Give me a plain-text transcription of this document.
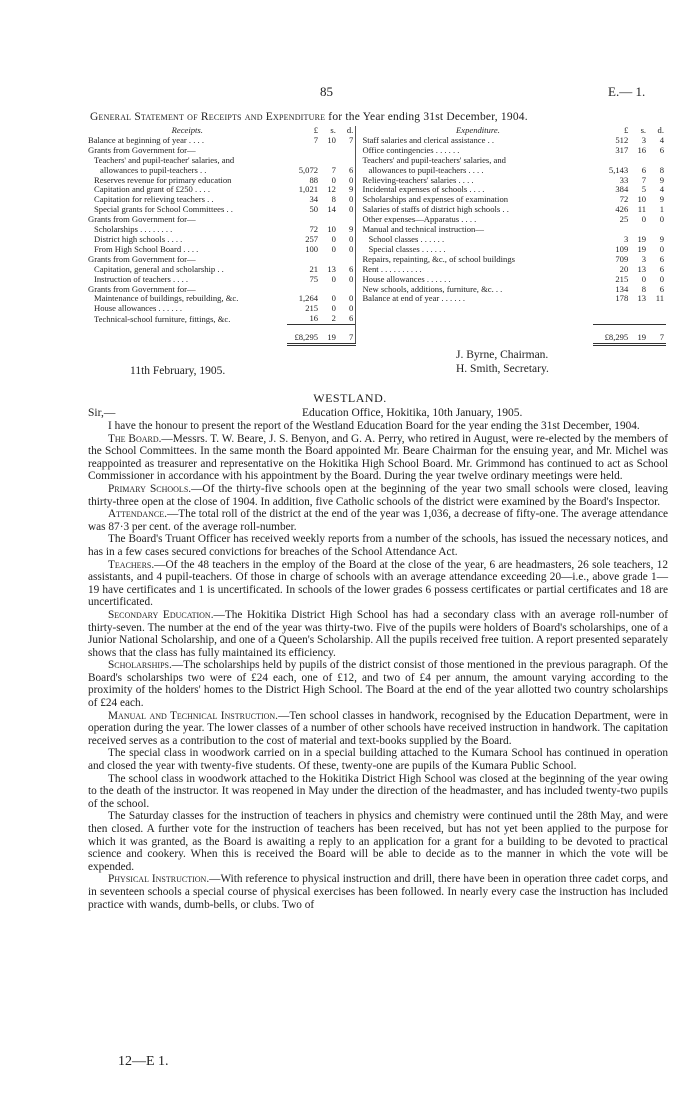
85	E.— 1.
General Statement of Receipts and Expenditure for the Year ending 31st December, 1904.
Receipts.	£	s.	d.		Expenditure.	£	s.	d.
Balance at beginning of year . . . .	7	10	7		Staff salaries and clerical assistance . .	512	3	4
Grants from Government for—					Office contingencies . . . . . .	317	16	6
Teachers' and pupil-teacher' salaries, and					Teachers' and pupil-teachers' salaries, and			
allowances to pupil-teachers . .	5,072	7	6		allowances to pupil-teachers . . . .	5,143	6	8
Reserves revenue for primary education	88	0	0		Relieving-teachers' salaries . . . .	33	7	9
Capitation and grant of £250 . . . .	1,021	12	9		Incidental expenses of schools . . . .	384	5	4
Capitation for relieving teachers . .	34	8	0		Scholarships and expenses of examination	72	10	9
Special grants for School Committees . .	50	14	0		Salaries of staffs of district high schools . .	426	11	1
Grants from Government for—					Other expenses—Apparatus . . . .	25	0	0
Scholarships . . . . . . . .	72	10	9		Manual and technical instruction—			
District high schools . . . .	257	0	0		School classes . . . . . .	3	19	9
From High School Board . . . .	100	0	0		Special classes . . . . . .	109	19	0
Grants from Government for—					Repairs, repainting, &c., of school buildings	709	3	6
Capitation, general and scholarship . .	21	13	6		Rent . . . . . . . . . .	20	13	6
Instruction of teachers . . . .	75	0	0		House allowances . . . . . .	215	0	0
Grants from Government for—					New schools, additions, furniture, &c. . .	134	8	6
Maintenance of buildings, rebuilding, &c.	1,264	0	0		Balance at end of year . . . . . .	178	13	11
House allowances . . . . . .	215	0	0					
Technical-school furniture, fittings, &c.	16	2	6					
	£8,295	19	7			£8,295	19	7
11th February, 1905.
J. Byrne, Chairman.
H. Smith, Secretary.
WESTLAND.
Sir,—	Education Office, Hokitika, 10th January, 1905.

I have the honour to present the report of the Westland Education Board for the year ending the 31st December, 1904.

The Board.—Messrs. T. W. Beare, J. S. Benyon, and G. A. Perry, who retired in August, were re-elected by the members of the School Committees. In the same month the Board appointed Mr. Beare Chairman for the ensuing year, and Mr. Michel was reappointed as treasurer and representative on the Hokitika High School Board. Mr. Grimmond has continued to act as School Commissioner in accordance with his appointment by the Board. During the year twelve ordinary meetings were held.

Primary Schools.—Of the thirty-five schools open at the beginning of the year two small schools were closed, leaving thirty-three open at the close of 1904. In addition, five Catholic schools of the district were examined by the Board's Inspector.

Attendance.—The total roll of the district at the end of the year was 1,036, a decrease of fifty-one. The average attendance was 87·3 per cent. of the average roll-number.

The Board's Truant Officer has received weekly reports from a number of the schools, has issued the necessary notices, and has in a few cases secured convictions for breaches of the School Attendance Act.

Teachers.—Of the 48 teachers in the employ of the Board at the close of the year, 6 are headmasters, 26 sole teachers, 12 assistants, and 4 pupil-teachers. Of those in charge of schools with an average attendance exceeding 20—i.e., above grade 1—19 have certificates and 1 is uncertificated. In schools of the lower grades 6 possess certificates or partial certificates and 18 are uncertificated.

Secondary Education.—The Hokitika District High School has had a secondary class with an average roll-number of thirty-seven. The number at the end of the year was thirty-two. Five of the pupils were holders of Board's scholarships, one of a Junior National Scholarship, and one of a Queen's Scholarship. All the pupils received free tuition. A report presented separately shows that the class has fully maintained its efficiency.

Scholarships.—The scholarships held by pupils of the district consist of those mentioned in the previous paragraph. Of the Board's scholarships two were of £24 each, one of £12, and two of £4 per annum, the amount varying according to the proximity of the holders' homes to the District High School. The Board at the end of the year allotted two country scholarships of £24 each.

Manual and Technical Instruction.—Ten school classes in handwork, recognised by the Education Department, were in operation during the year. The lower classes of a number of other schools have received instruction in handwork. The capitation received serves as a contribution to the cost of material and text-books supplied by the Board.

The special class in woodwork carried on in a special building attached to the Kumara School has continued in operation and closed the year with twenty-five students. Of these, twenty-one are pupils of the Kumara Public School.

The school class in woodwork attached to the Hokitika District High School was closed at the beginning of the year owing to the death of the instructor. It was reopened in May under the direction of the headmaster, and has included twenty-two pupils of the school.

The Saturday classes for the instruction of teachers in physics and chemistry were continued until the 28th May, and were then closed. A further vote for the instruction of teachers has been received, but has not yet been applied to the purpose for which it was granted, as the Board is awaiting a reply to an application for a grant for a building to be devoted to practical science and cookery. When this is received the Board will be able to decide as to the manner in which the vote will be expended.

Physical Instruction.—With reference to physical instruction and drill, there have been in operation three cadet corps, and in seventeen schools a special course of physical exercises has been followed. In nearly every case the instruction has included practice with wands, dumb-bells, or clubs. Two of

12—E 1.
